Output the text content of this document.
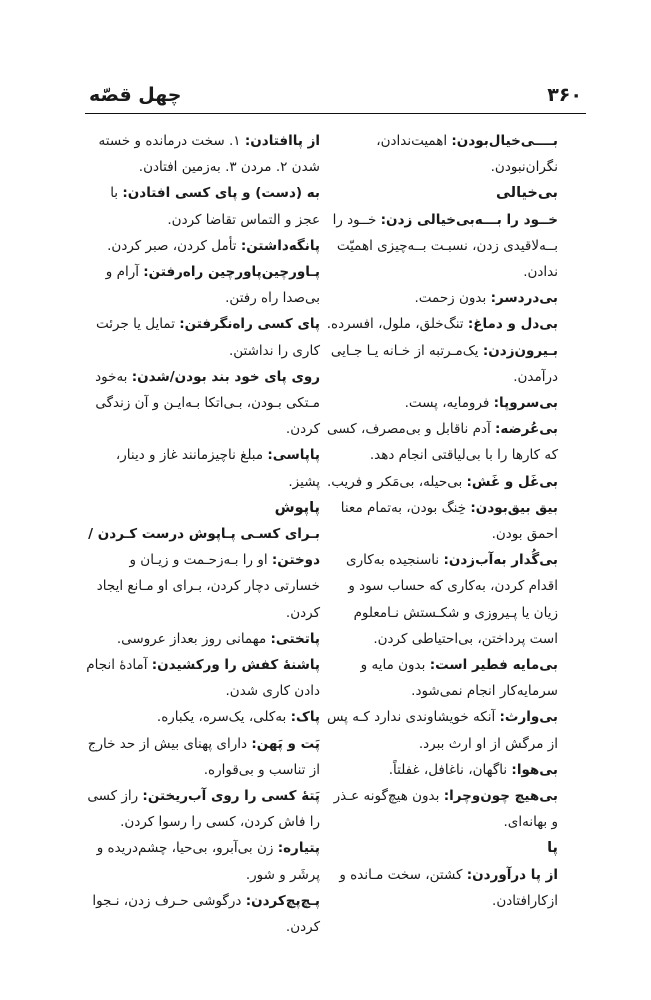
۳۶۰
چهل قصّه

بــــی‌خیال‌بودن: اهمیت‌ندادن، نگران‌نبودن.

بی‌خیالی

خــود را بـــه‌بی‌خیالی زدن: خــود را بــه‌لاقیدی زدن، نسبـت بــه‌چیزی اهمیّت ندادن.

بی‌دردسر: بدون زحمت.

بی‌دل و دماغ: تنگ‌خلق، ملول، افسرده.

بـیرون‌زدن: یک‌مـرتبه از خـانه یـا جـایی درآمدن.

بی‌سروپا: فرومایه، پست.

بی‌عُرضه: آدم ناقابل و بی‌مصرف، کسی که کارها را با بی‌لیاقتی انجام دهد.

بی‌غَل و غَش: بی‌حیله، بی‌مَکر و فریب.

بیق بیق‌بودن: خِنگ بودن، به‌تمام معنا احمق بودن.

بی‌گُدار به‌آب‌زدن: ناسنجیده به‌کاری اقدام کردن، به‌کاری که حساب سود و زیان یا پـیروزی و شکـستش نـامعلوم است پرداختن، بی‌احتیاطی کردن.

بی‌مایه فطیر است: بدون مایه و سرمایه‌کار انجام نمی‌شود.

بی‌وارث: آنکه خویشاوندی ندارد کـه پس از مرگش از او ارث ببرد.

بی‌هوا: ناگهان، ناغافل، غفلتاً.

بی‌هیچ چون‌وچرا: بدون هیچ‌گونه عـذر و بهانه‌ای.

پا

از پا درآوردن: کشتن، سخت مـانده و ازکارافتادن.

از پاافتادن: ۱. سخت درمانده و خسته شدن ۲. مردن ۳. به‌زمین افتادن.

به (دست) و پای کسی افتادن: با عجز و التماس تقاضا کردن.

پانگه‌داشتن: تأمل کردن، صبر کردن.

پـاورچین‌پاورچین راه‌رفتن: آرام و بی‌صدا راه رفتن.

پای کسی راه‌نگرفتن: تمایل یا جرئت کاری را نداشتن.

روی پای خود بند بودن/شدن: به‌خود مـتکی بـودن، بـی‌اتکا بـه‌ایـن و آن زندگی کردن.

پاپاسی: مبلغ ناچیزمانند غاز و دینار، پشیز.

پاپوش

بـرای کسـی پـاپوش درست کـردن / دوختن: او را بـه‌زحـمت و زیـان و خسارتی دچار کردن، بـرای او مـانع ایجاد کردن.

پاتختی: مهمانی روز بعداز عروسی.

پاشنهٔ کفش را ورکشیدن: آمادهٔ انجام دادن کاری شدن.

پاک: به‌کلی، یک‌سره، یکباره.

پَت و پَهن: دارای پهنای بیش از حد خارج از تناسب و بی‌قواره.

پَتهٔ کسی را روی آب‌ریختن: راز کسی را فاش کردن، کسی را رسوا کردن.

پتیاره: زن بی‌آبرو، بی‌حیا، چشم‌دریده و پرشَر و شور.

پـچ‌پچ‌کردن: درگوشی حـرف زدن، نـجوا کردن.
